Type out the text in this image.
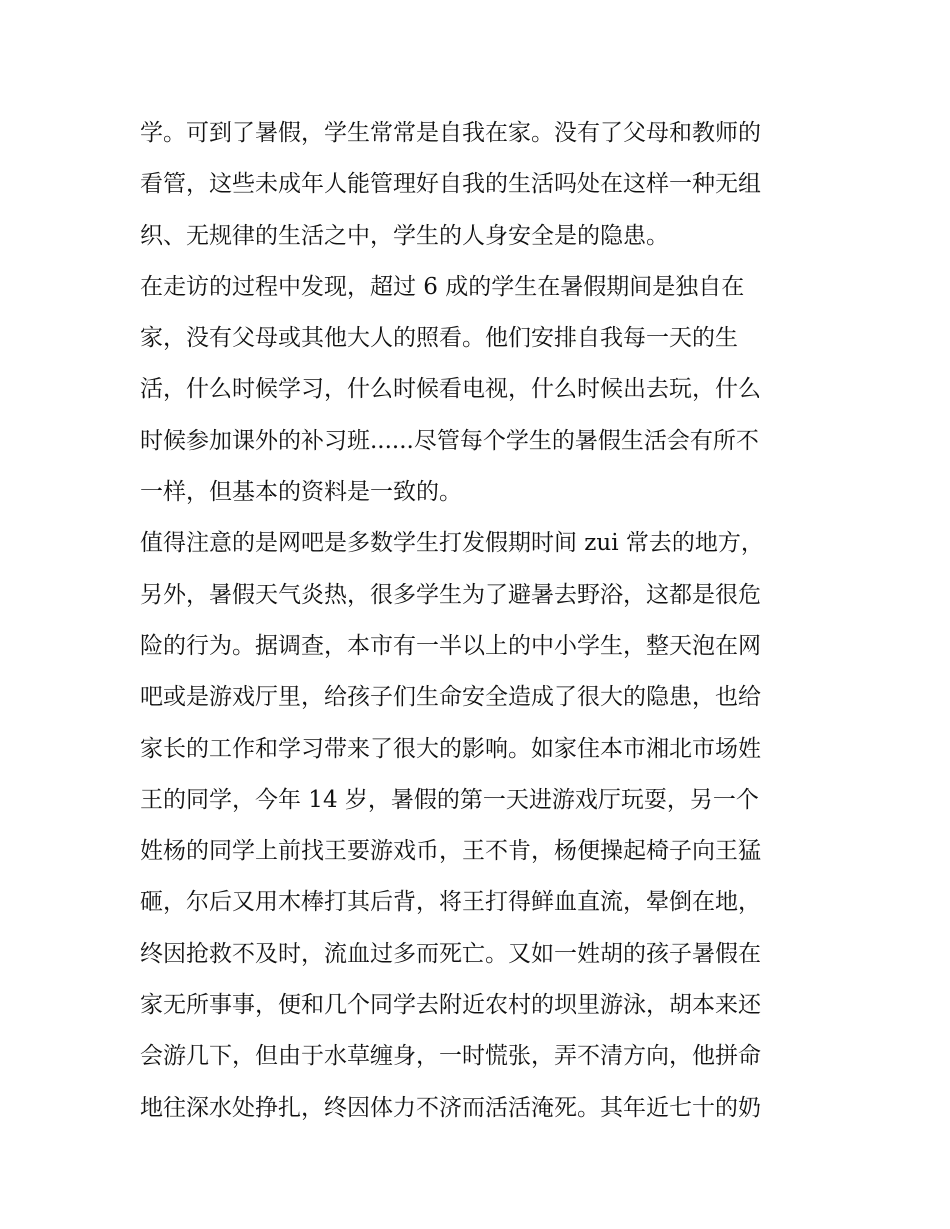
学。可到了暑假，学生常常是自我在家。没有了父母和教师的
看管，这些未成年人能管理好自我的生活吗处在这样一种无组
织、无规律的生活之中，学生的人身安全是的隐患。
在走访的过程中发现，超过 6 成的学生在暑假期间是独自在
家，没有父母或其他大人的照看。他们安排自我每一天的生
活，什么时候学习，什么时候看电视，什么时候出去玩，什么
时候参加课外的补习班......尽管每个学生的暑假生活会有所不
一样，但基本的资料是一致的。
值得注意的是网吧是多数学生打发假期时间 zui 常去的地方，
另外，暑假天气炎热，很多学生为了避暑去野浴，这都是很危
险的行为。据调查，本市有一半以上的中小学生，整天泡在网
吧或是游戏厅里，给孩子们生命安全造成了很大的隐患，也给
家长的工作和学习带来了很大的影响。如家住本市湘北市场姓
王的同学，今年 14 岁，暑假的第一天进游戏厅玩耍，另一个
姓杨的同学上前找王要游戏币，王不肯，杨便操起椅子向王猛
砸，尔后又用木棒打其后背，将王打得鲜血直流，晕倒在地，
终因抢救不及时，流血过多而死亡。又如一姓胡的孩子暑假在
家无所事事，便和几个同学去附近农村的坝里游泳，胡本来还
会游几下，但由于水草缠身，一时慌张，弄不清方向，他拼命
地往深水处挣扎，终因体力不济而活活淹死。其年近七十的奶
